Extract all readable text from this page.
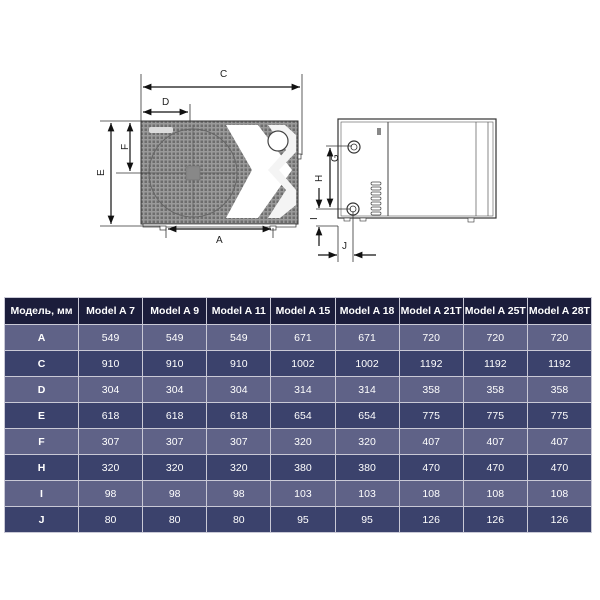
C
D
F
E
A
G
H
I
J
Модель, мм	Model A 7	Model A 9	Model A 11	Model A 15	Model A 18	Model A 21T	Model A 25T	Model A 28T
A	549	549	549	671	671	720	720	720
C	910	910	910	1002	1002	1192	1192	1192
D	304	304	304	314	314	358	358	358
E	618	618	618	654	654	775	775	775
F	307	307	307	320	320	407	407	407
H	320	320	320	380	380	470	470	470
I	98	98	98	103	103	108	108	108
J	80	80	80	95	95	126	126	126
